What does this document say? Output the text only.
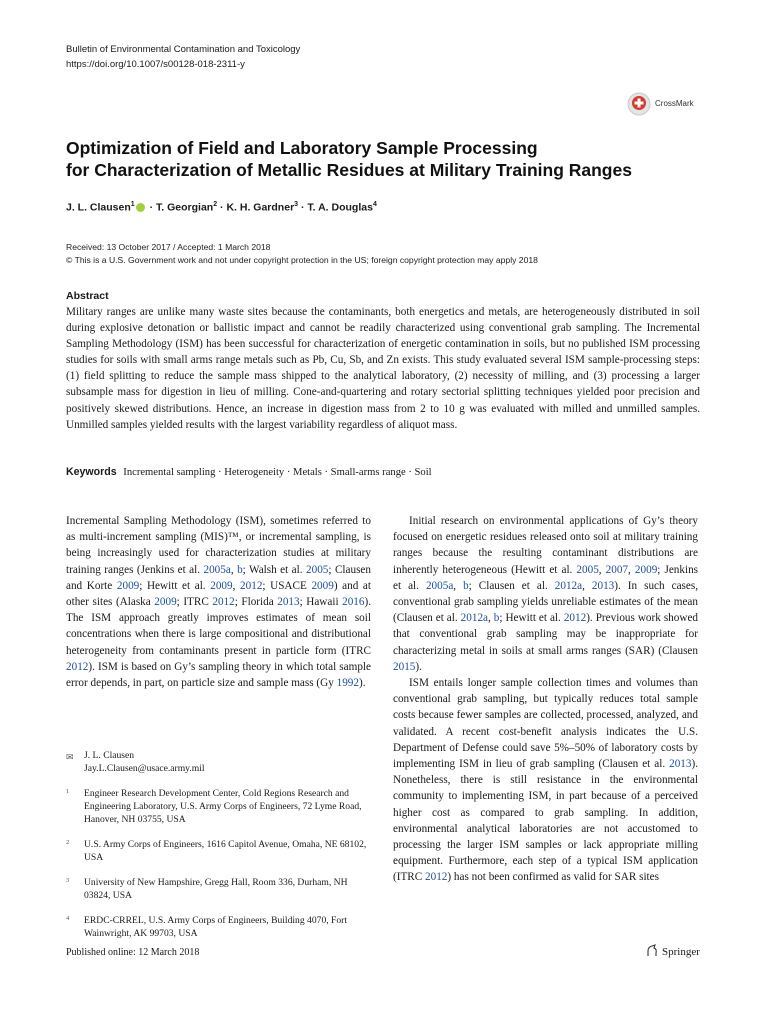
Bulletin of Environmental Contamination and Toxicology
https://doi.org/10.1007/s00128-018-2311-y
CrossMark
Optimization of Field and Laboratory Sample Processing
for Characterization of Metallic Residues at Military Training Ranges
J. L. Clausen$^1$ · T. Georgian$^2$ · K. H. Gardner$^3$ · T. A. Douglas$^4$
Received: 13 October 2017 / Accepted: 1 March 2018
© This is a U.S. Government work and not under copyright protection in the US; foreign copyright protection may apply 2018
Abstract
Military ranges are unlike many waste sites because the contaminants, both energetics and metals, are heterogeneously distributed in soil during explosive detonation or ballistic impact and cannot be readily characterized using conventional grab sampling. The Incremental Sampling Methodology (ISM) has been successful for characterization of energetic contamination in soils, but no published ISM processing studies for soils with small arms range metals such as Pb, Cu, Sb, and Zn exists. This study evaluated several ISM sample-processing steps: (1) field splitting to reduce the sample mass shipped to the analytical laboratory, (2) necessity of milling, and (3) processing a larger subsample mass for digestion in lieu of milling. Cone-and-quartering and rotary sectorial splitting techniques yielded poor precision and positively skewed distributions. Hence, an increase in digestion mass from 2 to 10 g was evaluated with milled and unmilled samples. Unmilled samples yielded results with the largest variability regardless of aliquot mass.
Keywords Incremental sampling · Heterogeneity · Metals · Small-arms range · Soil

Incremental Sampling Methodology (ISM), sometimes referred to as multi-increment sampling (MIS)™, or incremental sampling, is being increasingly used for characterization studies at military training ranges (Jenkins et al. 2005a, b; Walsh et al. 2005; Clausen and Korte 2009; Hewitt et al. 2009, 2012; USACE 2009) and at other sites (Alaska 2009; ITRC 2012; Florida 2013; Hawaii 2016). The ISM approach greatly improves estimates of mean soil concentrations when there is large compositional and distributional heterogeneity from contaminants present in particle form (ITRC 2012). ISM is based on Gy’s sampling theory in which total sample error depends, in part, on particle size and sample mass (Gy 1992).

Initial research on environmental applications of Gy’s theory focused on energetic residues released onto soil at military training ranges because the resulting contaminant distributions are inherently heterogeneous (Hewitt et al. 2005, 2007, 2009; Jenkins et al. 2005a, b; Clausen et al. 2012a, 2013). In such cases, conventional grab sampling yields unreliable estimates of the mean (Clausen et al. 2012a, b; Hewitt et al. 2012). Previous work showed that conventional grab sampling may be inappropriate for characterizing metal in soils at small arms ranges (SAR) (Clausen 2015).

ISM entails longer sample collection times and volumes than conventional grab sampling, but typically reduces total sample costs because fewer samples are collected, processed, analyzed, and validated. A recent cost-benefit analysis indicates the U.S. Department of Defense could save 5%–50% of laboratory costs by implementing ISM in lieu of grab sampling (Clausen et al. 2013). Nonetheless, there is still resistance in the environmental community to implementing ISM, in part because of a perceived higher cost as compared to grab sampling. In addition, environmental analytical laboratories are not accustomed to processing the larger ISM samples or lack appropriate milling equipment. Furthermore, each step of a typical ISM application (ITRC 2012) has not been confirmed as valid for SAR sites

✉ J. L. Clausen
Jay.L.Clausen@usace.army.mil
1 Engineer Research Development Center, Cold Regions Research and Engineering Laboratory, U.S. Army Corps of Engineers, 72 Lyme Road, Hanover, NH 03755, USA
2 U.S. Army Corps of Engineers, 1616 Capitol Avenue, Omaha, NE 68102, USA
3 University of New Hampshire, Gregg Hall, Room 336, Durham, NH 03824, USA
4 ERDC-CRREL, U.S. Army Corps of Engineers, Building 4070, Fort Wainwright, AK 99703, USA
Published online: 12 March 2018	Springer
